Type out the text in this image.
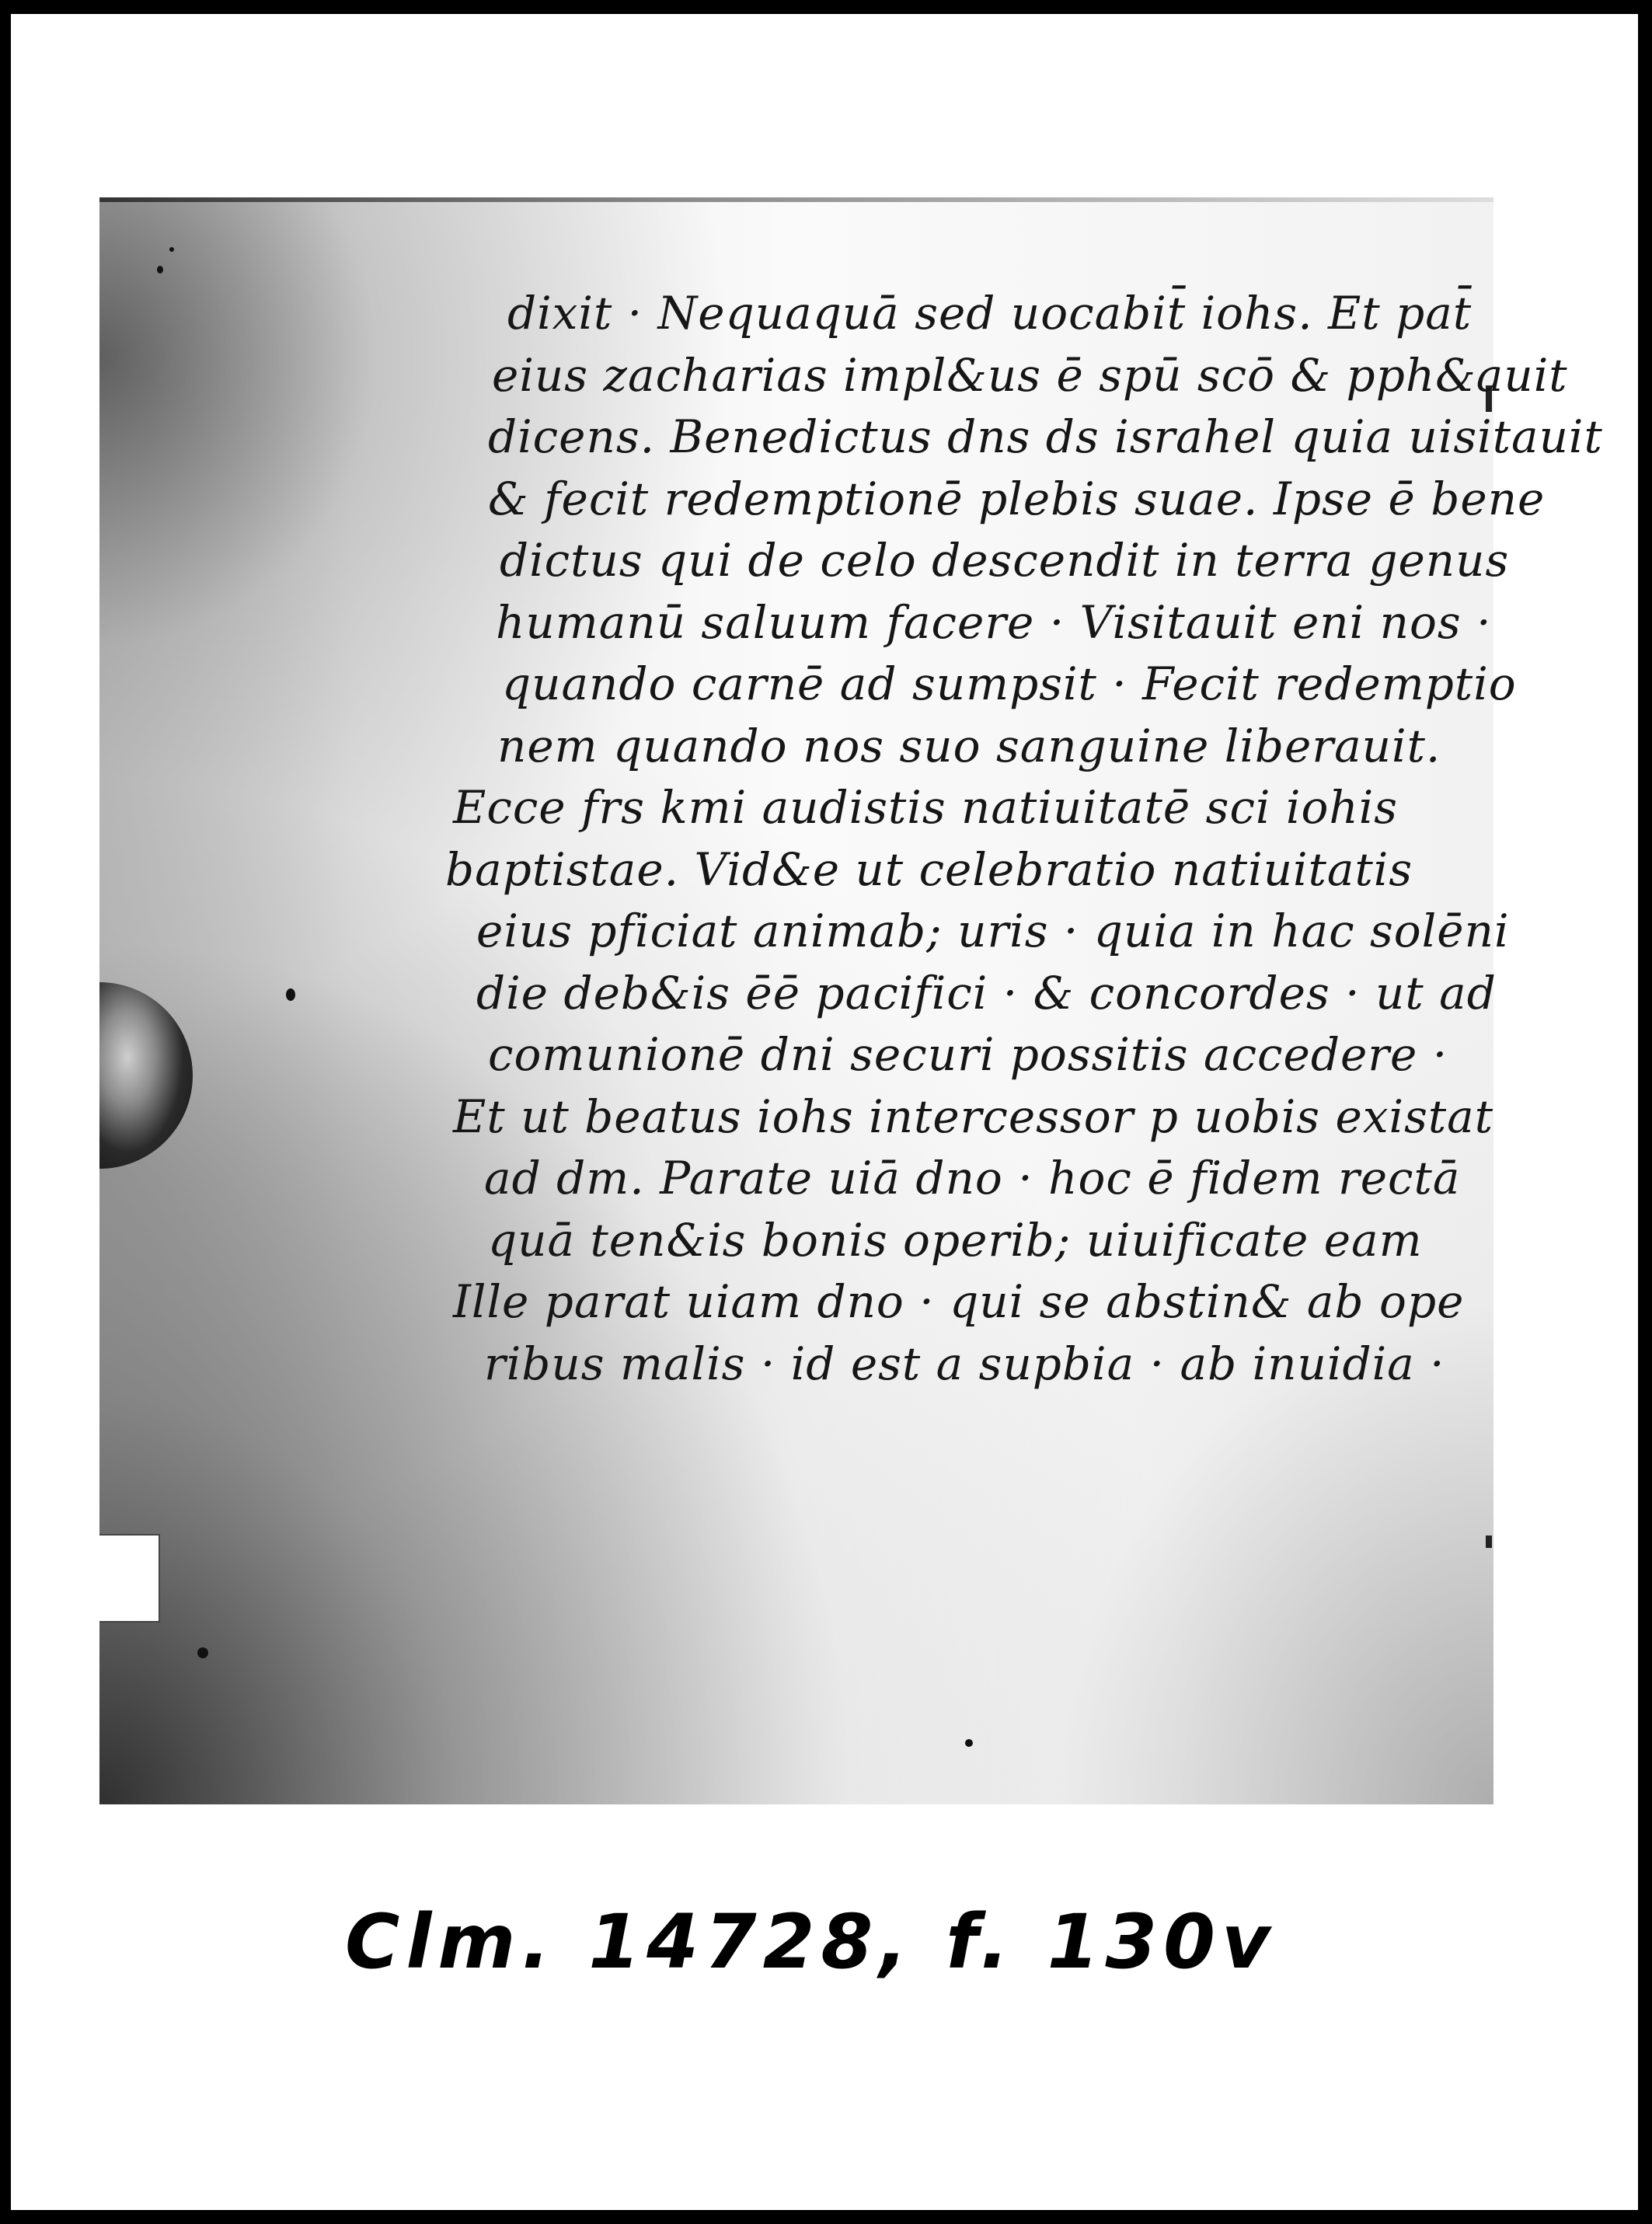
dixit · Nequaquā sed uocabit̄ iohs. Et pat̄
eius zacharias impl&us ē spū scō & pph&auit
dicens. Benedictus dns ds israhel quia uisitauit
& fecit redemptionē plebis suae. Ipse ē bene
dictus qui de celo descendit in terra genus
humanū saluum facere · Visitauit eni nos ·
quando carnē ad sumpsit · Fecit redemptio
nem quando nos suo sanguine liberauit.
Ecce frs kmi audistis natiuitatē sci iohis
baptistae. Vid&e ut celebratio natiuitatis
eius pficiat animab; uris · quia in hac solēni
die deb&is ēē pacifici · & concordes · ut ad
comunionē dni securi possitis accedere ·
Et ut beatus iohs intercessor p uobis existat
ad dm. Parate uiā dno · hoc ē fidem rectā
quā ten&is bonis operib; uiuificate eam
Ille parat uiam dno · qui se abstin& ab ope
ribus malis · id est a supbia · ab inuidia ·
Clm. 14728, f. 130v
